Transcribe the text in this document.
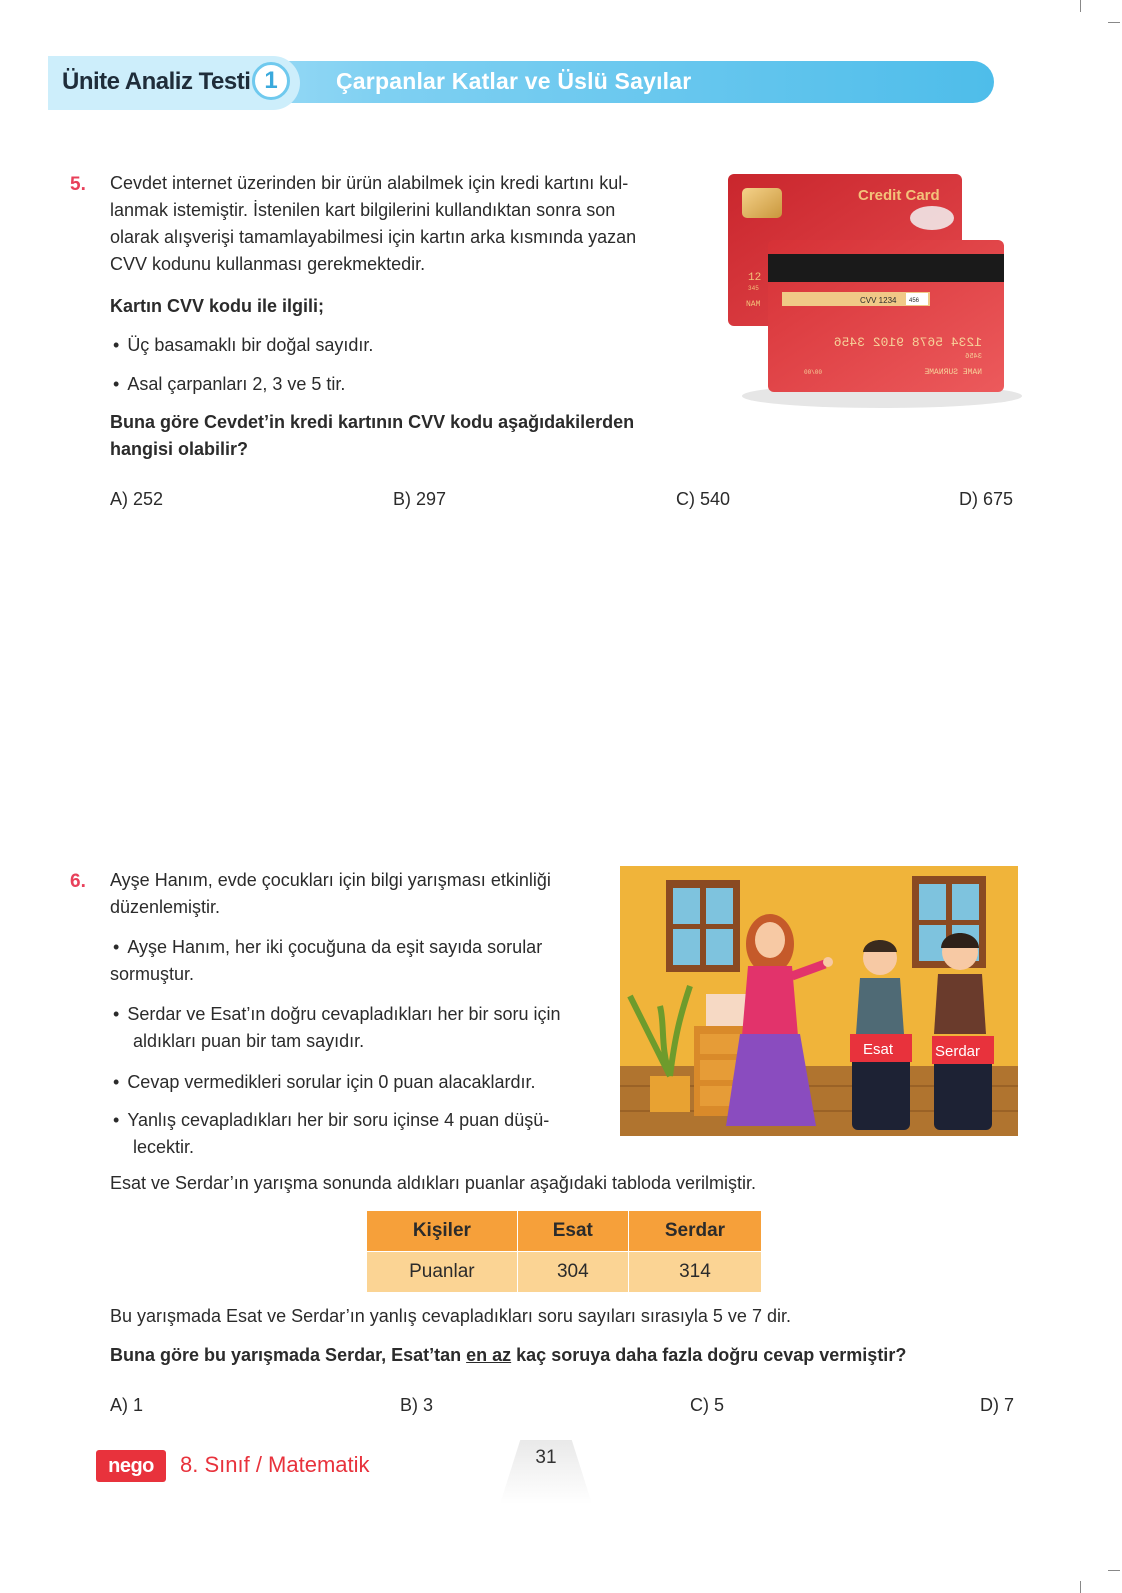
Ünite Analiz Testi 1	Çarpanlar Katlar ve Üslü Sayılar
5. Cevdet internet üzerinden bir ürün alabilmek için kredi kartını kul-
lanmak istemiştir. İstenilen kart bilgilerini kullandıktan sonra son
olarak alışverişi tamamlayabilmesi için kartın arka kısmında yazan
CVV kodunu kullanması gerekmektedir.
Kartın CVV kodu ile ilgili;
• Üç basamaklı bir doğal sayıdır.
• Asal çarpanları 2, 3 ve 5 tir.
Buna göre Cevdet’in kredi kartının CVV kodu aşağıdakilerden
hangisi olabilir?
A) 252	B) 297	C) 540	D) 675
Credit Card
12
345
NAM	CVV 1234 456
1234 5678 9102 3456
3456
NAME SURNAME
00/00
6. Ayşe Hanım, evde çocukları için bilgi yarışması etkinliği
düzenlemiştir.
• Ayşe Hanım, her iki çocuğuna da eşit sayıda sorular
sormuştur.
• Serdar ve Esat’ın doğru cevapladıkları her bir soru için
aldıkları puan bir tam sayıdır.
• Cevap vermedikleri sorular için 0 puan alacaklardır.
• Yanlış cevapladıkları her bir soru içinse 4 puan düşü-
lecektir.
Esat	Serdar
Esat ve Serdar’ın yarışma sonunda aldıkları puanlar aşağıdaki tabloda verilmiştir.
Kişiler	Esat	Serdar
Puanlar	304	314
Bu yarışmada Esat ve Serdar’ın yanlış cevapladıkları soru sayıları sırasıyla 5 ve 7 dir.
Buna göre bu yarışmada Serdar, Esat’tan en az kaç soruya daha fazla doğru cevap vermiştir?
A) 1	B) 3	C) 5	D) 7
nego	8. Sınıf / Matematik	31
